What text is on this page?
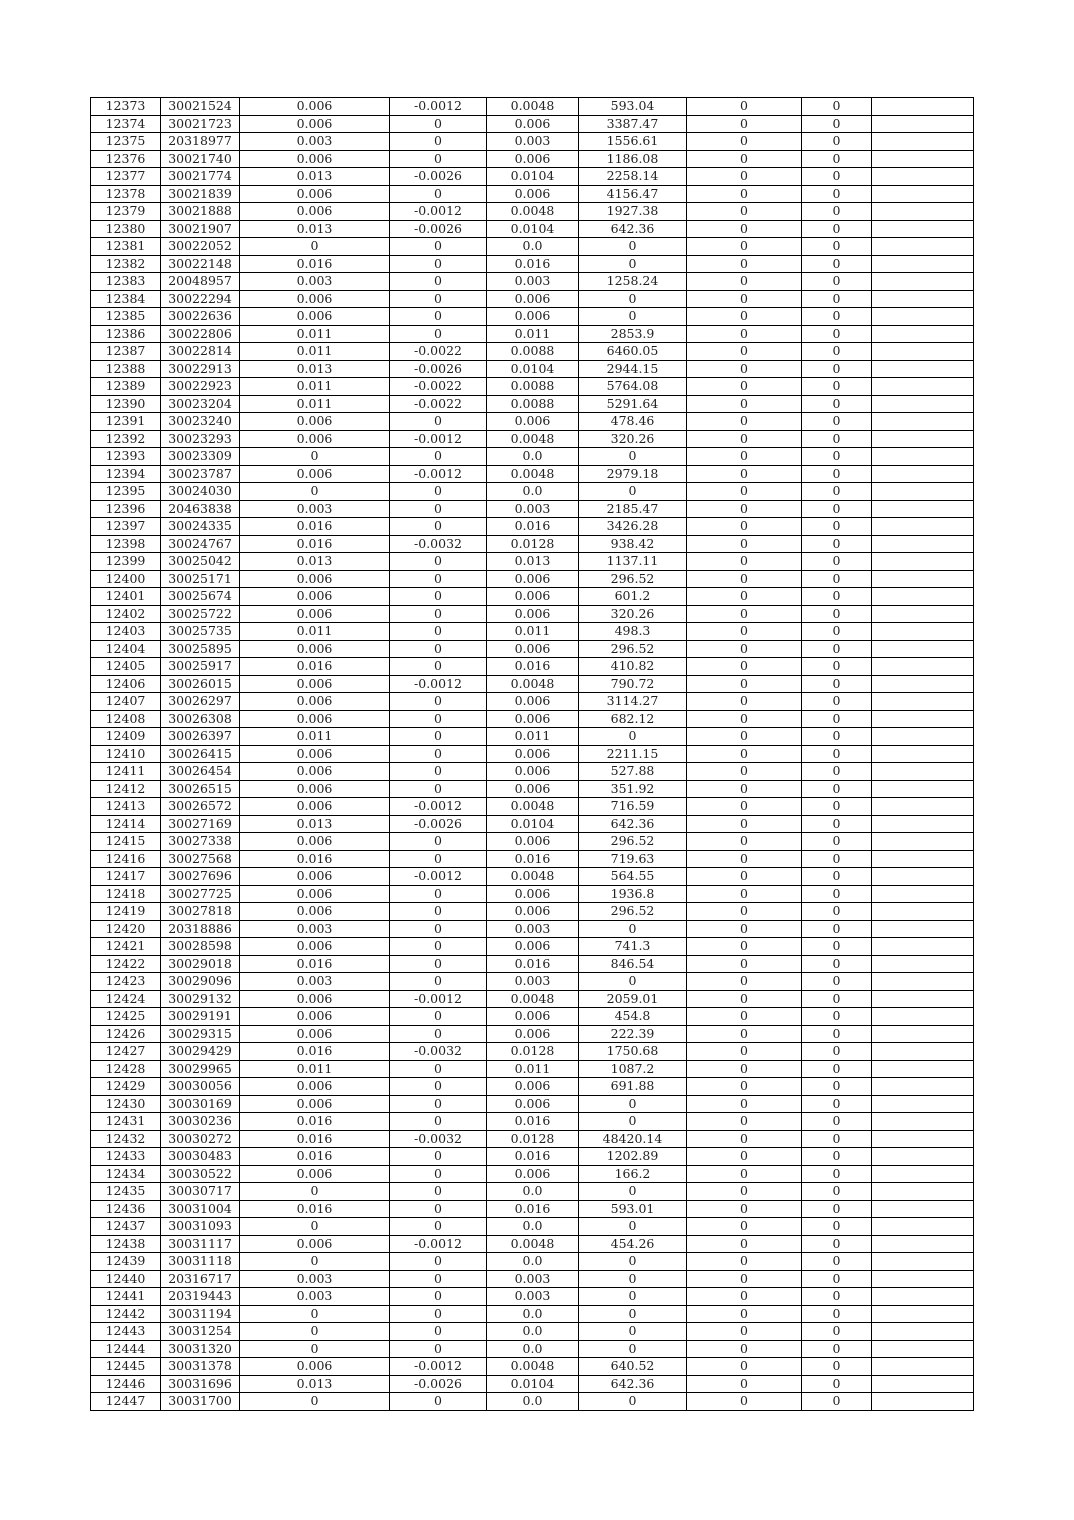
12373	30021524	0.006	-0.0012	0.0048	593.04	0	0	
12374	30021723	0.006	0	0.006	3387.47	0	0	
12375	20318977	0.003	0	0.003	1556.61	0	0	
12376	30021740	0.006	0	0.006	1186.08	0	0	
12377	30021774	0.013	-0.0026	0.0104	2258.14	0	0	
12378	30021839	0.006	0	0.006	4156.47	0	0	
12379	30021888	0.006	-0.0012	0.0048	1927.38	0	0	
12380	30021907	0.013	-0.0026	0.0104	642.36	0	0	
12381	30022052	0	0	0.0	0	0	0	
12382	30022148	0.016	0	0.016	0	0	0	
12383	20048957	0.003	0	0.003	1258.24	0	0	
12384	30022294	0.006	0	0.006	0	0	0	
12385	30022636	0.006	0	0.006	0	0	0	
12386	30022806	0.011	0	0.011	2853.9	0	0	
12387	30022814	0.011	-0.0022	0.0088	6460.05	0	0	
12388	30022913	0.013	-0.0026	0.0104	2944.15	0	0	
12389	30022923	0.011	-0.0022	0.0088	5764.08	0	0	
12390	30023204	0.011	-0.0022	0.0088	5291.64	0	0	
12391	30023240	0.006	0	0.006	478.46	0	0	
12392	30023293	0.006	-0.0012	0.0048	320.26	0	0	
12393	30023309	0	0	0.0	0	0	0	
12394	30023787	0.006	-0.0012	0.0048	2979.18	0	0	
12395	30024030	0	0	0.0	0	0	0	
12396	20463838	0.003	0	0.003	2185.47	0	0	
12397	30024335	0.016	0	0.016	3426.28	0	0	
12398	30024767	0.016	-0.0032	0.0128	938.42	0	0	
12399	30025042	0.013	0	0.013	1137.11	0	0	
12400	30025171	0.006	0	0.006	296.52	0	0	
12401	30025674	0.006	0	0.006	601.2	0	0	
12402	30025722	0.006	0	0.006	320.26	0	0	
12403	30025735	0.011	0	0.011	498.3	0	0	
12404	30025895	0.006	0	0.006	296.52	0	0	
12405	30025917	0.016	0	0.016	410.82	0	0	
12406	30026015	0.006	-0.0012	0.0048	790.72	0	0	
12407	30026297	0.006	0	0.006	3114.27	0	0	
12408	30026308	0.006	0	0.006	682.12	0	0	
12409	30026397	0.011	0	0.011	0	0	0	
12410	30026415	0.006	0	0.006	2211.15	0	0	
12411	30026454	0.006	0	0.006	527.88	0	0	
12412	30026515	0.006	0	0.006	351.92	0	0	
12413	30026572	0.006	-0.0012	0.0048	716.59	0	0	
12414	30027169	0.013	-0.0026	0.0104	642.36	0	0	
12415	30027338	0.006	0	0.006	296.52	0	0	
12416	30027568	0.016	0	0.016	719.63	0	0	
12417	30027696	0.006	-0.0012	0.0048	564.55	0	0	
12418	30027725	0.006	0	0.006	1936.8	0	0	
12419	30027818	0.006	0	0.006	296.52	0	0	
12420	20318886	0.003	0	0.003	0	0	0	
12421	30028598	0.006	0	0.006	741.3	0	0	
12422	30029018	0.016	0	0.016	846.54	0	0	
12423	30029096	0.003	0	0.003	0	0	0	
12424	30029132	0.006	-0.0012	0.0048	2059.01	0	0	
12425	30029191	0.006	0	0.006	454.8	0	0	
12426	30029315	0.006	0	0.006	222.39	0	0	
12427	30029429	0.016	-0.0032	0.0128	1750.68	0	0	
12428	30029965	0.011	0	0.011	1087.2	0	0	
12429	30030056	0.006	0	0.006	691.88	0	0	
12430	30030169	0.006	0	0.006	0	0	0	
12431	30030236	0.016	0	0.016	0	0	0	
12432	30030272	0.016	-0.0032	0.0128	48420.14	0	0	
12433	30030483	0.016	0	0.016	1202.89	0	0	
12434	30030522	0.006	0	0.006	166.2	0	0	
12435	30030717	0	0	0.0	0	0	0	
12436	30031004	0.016	0	0.016	593.01	0	0	
12437	30031093	0	0	0.0	0	0	0	
12438	30031117	0.006	-0.0012	0.0048	454.26	0	0	
12439	30031118	0	0	0.0	0	0	0	
12440	20316717	0.003	0	0.003	0	0	0	
12441	20319443	0.003	0	0.003	0	0	0	
12442	30031194	0	0	0.0	0	0	0	
12443	30031254	0	0	0.0	0	0	0	
12444	30031320	0	0	0.0	0	0	0	
12445	30031378	0.006	-0.0012	0.0048	640.52	0	0	
12446	30031696	0.013	-0.0026	0.0104	642.36	0	0	
12447	30031700	0	0	0.0	0	0	0	
